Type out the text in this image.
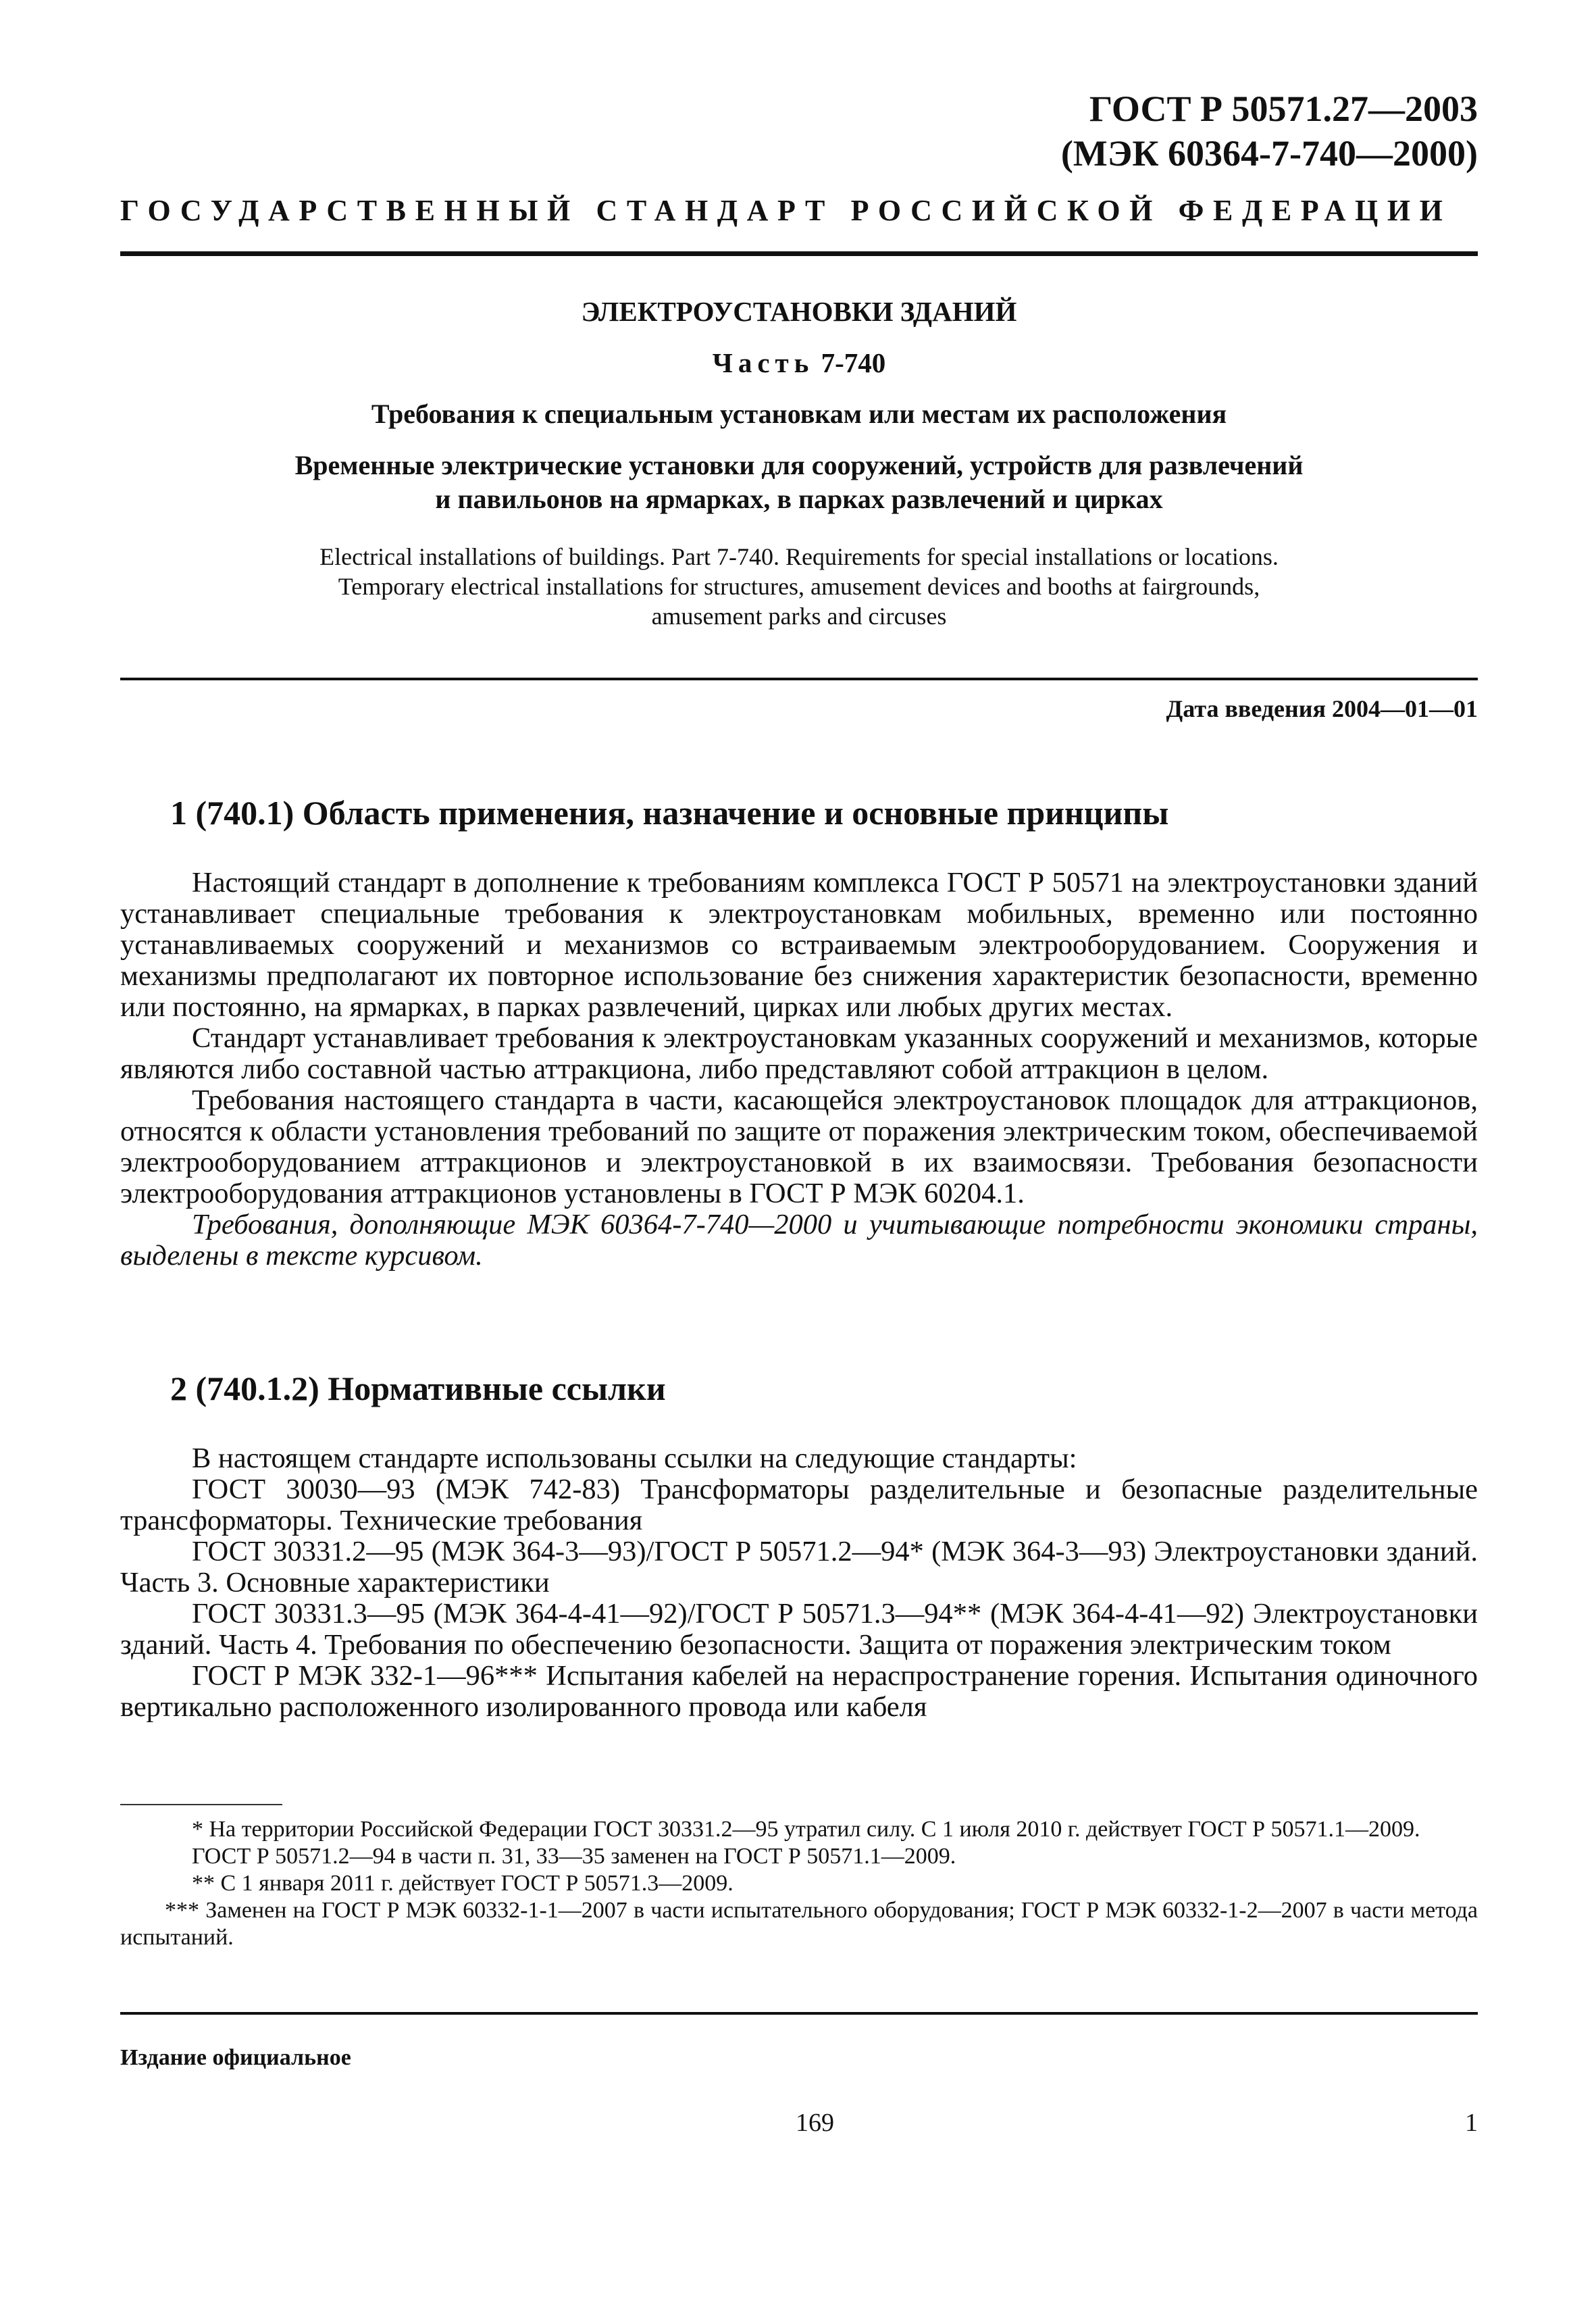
ГОСТ Р 50571.27—2003
(МЭК 60364-7-740—2000)
ГОСУДАРСТВЕННЫЙ СТАНДАРТ РОССИЙСКОЙ ФЕДЕРАЦИИ
ЭЛЕКТРОУСТАНОВКИ ЗДАНИЙ
Часть 7-740
Требования к специальным установкам или местам их расположения
Временные электрические установки для сооружений, устройств для развлечений
и павильонов на ярмарках, в парках развлечений и цирках
Electrical installations of buildings. Part 7-740. Requirements for special installations or locations.
Temporary electrical installations for structures, amusement devices and booths at fairgrounds,
amusement parks and circuses
Дата введения 2004—01—01
1 (740.1) Область применения, назначение и основные принципы

Настоящий стандарт в дополнение к требованиям комплекса ГОСТ Р 50571 на электроустановки зданий устанавливает специальные требования к электроустановкам мобильных, временно или постоянно устанавливаемых сооружений и механизмов со встраиваемым электрооборудованием. Сооружения и механизмы предполагают их повторное использование без снижения характеристик безопасности, временно или постоянно, на ярмарках, в парках развлечений, цирках или любых других местах.

Стандарт устанавливает требования к электроустановкам указанных сооружений и механизмов, которые являются либо составной частью аттракциона, либо представляют собой аттракцион в целом.

Требования настоящего стандарта в части, касающейся электроустановок площадок для аттракционов, относятся к области установления требований по защите от поражения электрическим током, обеспечиваемой электрооборудованием аттракционов и электроустановкой в их взаимосвязи. Требования безопасности электрооборудования аттракционов установлены в ГОСТ Р МЭК 60204.1.

Требования, дополняющие МЭК 60364-7-740—2000 и учитывающие потребности экономики страны, выделены в тексте курсивом.

2 (740.1.2) Нормативные ссылки

В настоящем стандарте использованы ссылки на следующие стандарты:

ГОСТ 30030—93 (МЭК 742-83) Трансформаторы разделительные и безопасные разделительные трансформаторы. Технические требования

ГОСТ 30331.2—95 (МЭК 364-3—93)/ГОСТ Р 50571.2—94* (МЭК 364-3—93) Электроустановки зданий. Часть 3. Основные характеристики

ГОСТ 30331.3—95 (МЭК 364-4-41—92)/ГОСТ Р 50571.3—94** (МЭК 364-4-41—92) Электроустановки зданий. Часть 4. Требования по обеспечению безопасности. Защита от поражения электрическим током

ГОСТ Р МЭК 332-1—96*** Испытания кабелей на нераспространение горения. Испытания одиночного вертикально расположенного изолированного провода или кабеля

* На территории Российской Федерации ГОСТ 30331.2—95 утратил силу. С 1 июля 2010 г. действует ГОСТ Р 50571.1—2009.

ГОСТ Р 50571.2—94 в части п. 31, 33—35 заменен на ГОСТ Р 50571.1—2009.

** С 1 января 2011 г. действует ГОСТ Р 50571.3—2009.

*** Заменен на ГОСТ Р МЭК 60332-1-1—2007 в части испытательного оборудования; ГОСТ Р МЭК 60332-1-2—2007 в части метода испытаний.

Издание официальное
169	1
